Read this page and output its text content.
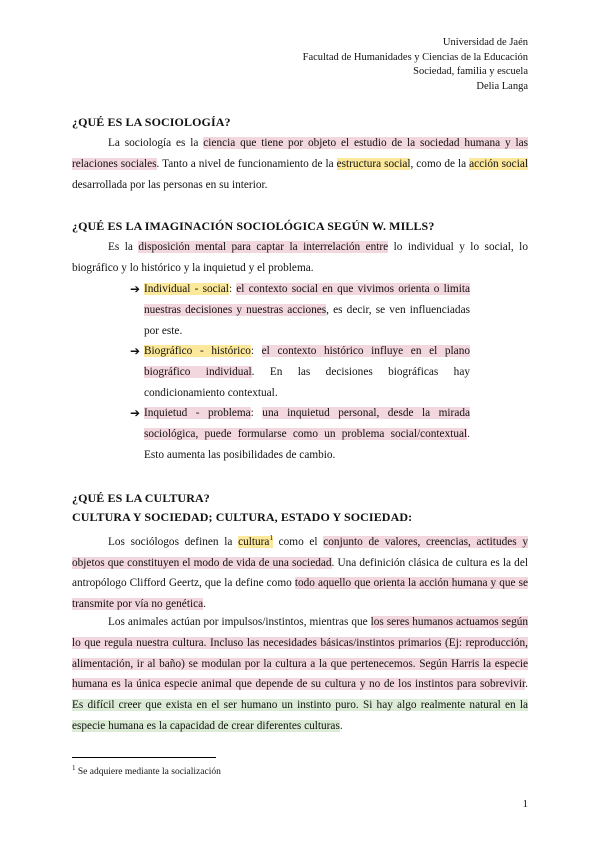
Universidad de Jaén
Facultad de Humanidades y Ciencias de la Educación
Sociedad, familia y escuela
Delia Langa
¿QUÉ ES LA SOCIOLOGÍA?
La sociología es la ciencia que tiene por objeto el estudio de la sociedad humana y las relaciones sociales. Tanto a nivel de funcionamiento de la estructura social, como de la acción social desarrollada por las personas en su interior.
¿QUÉ ES LA IMAGINACIÓN SOCIOLÓGICA SEGÚN W. MILLS?
Es la disposición mental para captar la interrelación entre lo individual y lo social, lo biográfico y lo histórico y la inquietud y el problema.
➔ Individual - social: el contexto social en que vivimos orienta o limita nuestras decisiones y nuestras acciones, es decir, se ven influenciadas por este.
➔ Biográfico - histórico: el contexto histórico influye en el plano biográfico individual. En las decisiones biográficas hay condicionamiento contextual.
➔ Inquietud - problema: una inquietud personal, desde la mirada sociológica, puede formularse como un problema social/contextual. Esto aumenta las posibilidades de cambio.
¿QUÉ ES LA CULTURA?
CULTURA Y SOCIEDAD; CULTURA, ESTADO Y SOCIEDAD:
Los sociólogos definen la cultura$^1$ como el conjunto de valores, creencias, actitudes y objetos que constituyen el modo de vida de una sociedad. Una definición clásica de cultura es la del antropólogo Clifford Geertz, que la define como todo aquello que orienta la acción humana y que se transmite por vía no genética.
Los animales actúan por impulsos/instintos, mientras que los seres humanos actuamos según lo que regula nuestra cultura. Incluso las necesidades básicas/instintos primarios (Ej: reproducción, alimentación, ir al baño) se modulan por la cultura a la que pertenecemos. Según Harris la especie humana es la única especie animal que depende de su cultura y no de los instintos para sobrevivir. Es difícil creer que exista en el ser humano un instinto puro. Si hay algo realmente natural en la especie humana es la capacidad de crear diferentes culturas.
$^1$ Se adquiere mediante la socialización
1
